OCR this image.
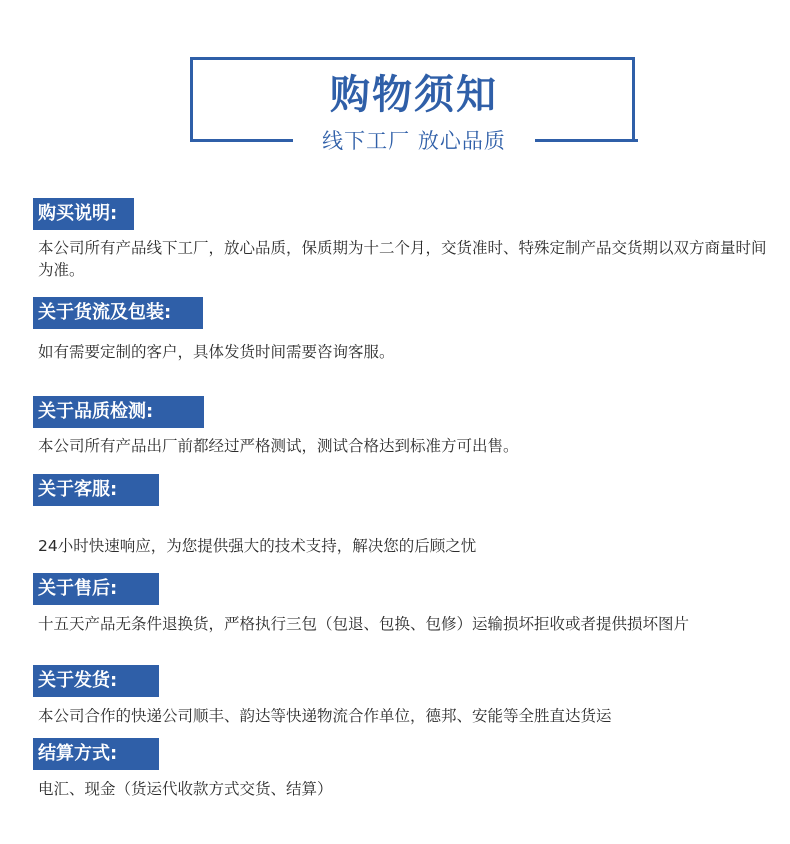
购物须知
线下工厂 放心品质
购买说明:
本公司所有产品线下工厂，放心品质，保质期为十二个月，交货准时、特殊定制产品交货期以双方商量时间为准。
关于货流及包装:
如有需要定制的客户，具体发货时间需要咨询客服。
关于品质检测:
本公司所有产品出厂前都经过严格测试，测试合格达到标准方可出售。
关于客服:
24小时快速响应，为您提供强大的技术支持，解决您的后顾之忧
关于售后:
十五天产品无条件退换货，严格执行三包（包退、包换、包修）运输损坏拒收或者提供损坏图片
关于发货:
本公司合作的快递公司顺丰、韵达等快递物流合作单位，德邦、安能等全胜直达货运
结算方式:
电汇、现金（货运代收款方式交货、结算）
